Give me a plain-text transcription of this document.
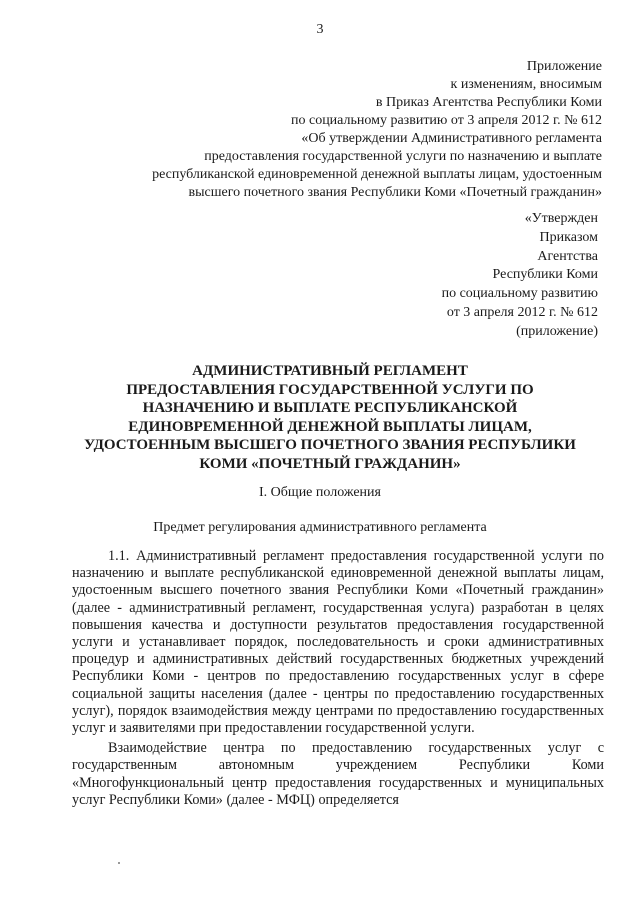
3
Приложение
к изменениям, вносимым
в Приказ Агентства Республики Коми
по социальному развитию от 3 апреля 2012 г. № 612
«Об утверждении Административного регламента
предоставления государственной услуги по назначению и выплате
республиканской единовременной денежной выплаты лицам, удостоенным
высшего почетного звания Республики Коми «Почетный гражданин»
«Утвержден
Приказом
Агентства
Республики Коми
по социальному развитию
от 3 апреля 2012 г. № 612
(приложение)
АДМИНИСТРАТИВНЫЙ РЕГЛАМЕНТ
ПРЕДОСТАВЛЕНИЯ ГОСУДАРСТВЕННОЙ УСЛУГИ ПО
НАЗНАЧЕНИЮ И ВЫПЛАТЕ РЕСПУБЛИКАНСКОЙ
ЕДИНОВРЕМЕННОЙ ДЕНЕЖНОЙ ВЫПЛАТЫ ЛИЦАМ,
УДОСТОЕННЫМ ВЫСШЕГО ПОЧЕТНОГО ЗВАНИЯ РЕСПУБЛИКИ
КОМИ «ПОЧЕТНЫЙ ГРАЖДАНИН»
I. Общие положения
Предмет регулирования административного регламента

1.1. Административный регламент предоставления государственной услуги по назначению и выплате республиканской единовременной денежной выплаты лицам, удостоенным высшего почетного звания Республики Коми «Почетный гражданин» (далее - административный регламент, государственная услуга) разработан в целях повышения качества и доступности результатов предоставления государственной услуги и устанавливает порядок, последовательность и сроки административных процедур и административных действий государственных бюджетных учреждений Республики Коми - центров по предоставлению государственных услуг в сфере социальной защиты населения (далее - центры по предоставлению государственных услуг), порядок взаимодействия между центрами по предоставлению государственных услуг и заявителями при предоставлении государственной услуги.

Взаимодействие центра по предоставлению государственных услуг с государственным автономным учреждением Республики Коми «Многофункциональный центр предоставления государственных и муниципальных услуг Республики Коми» (далее - МФЦ) определяется
